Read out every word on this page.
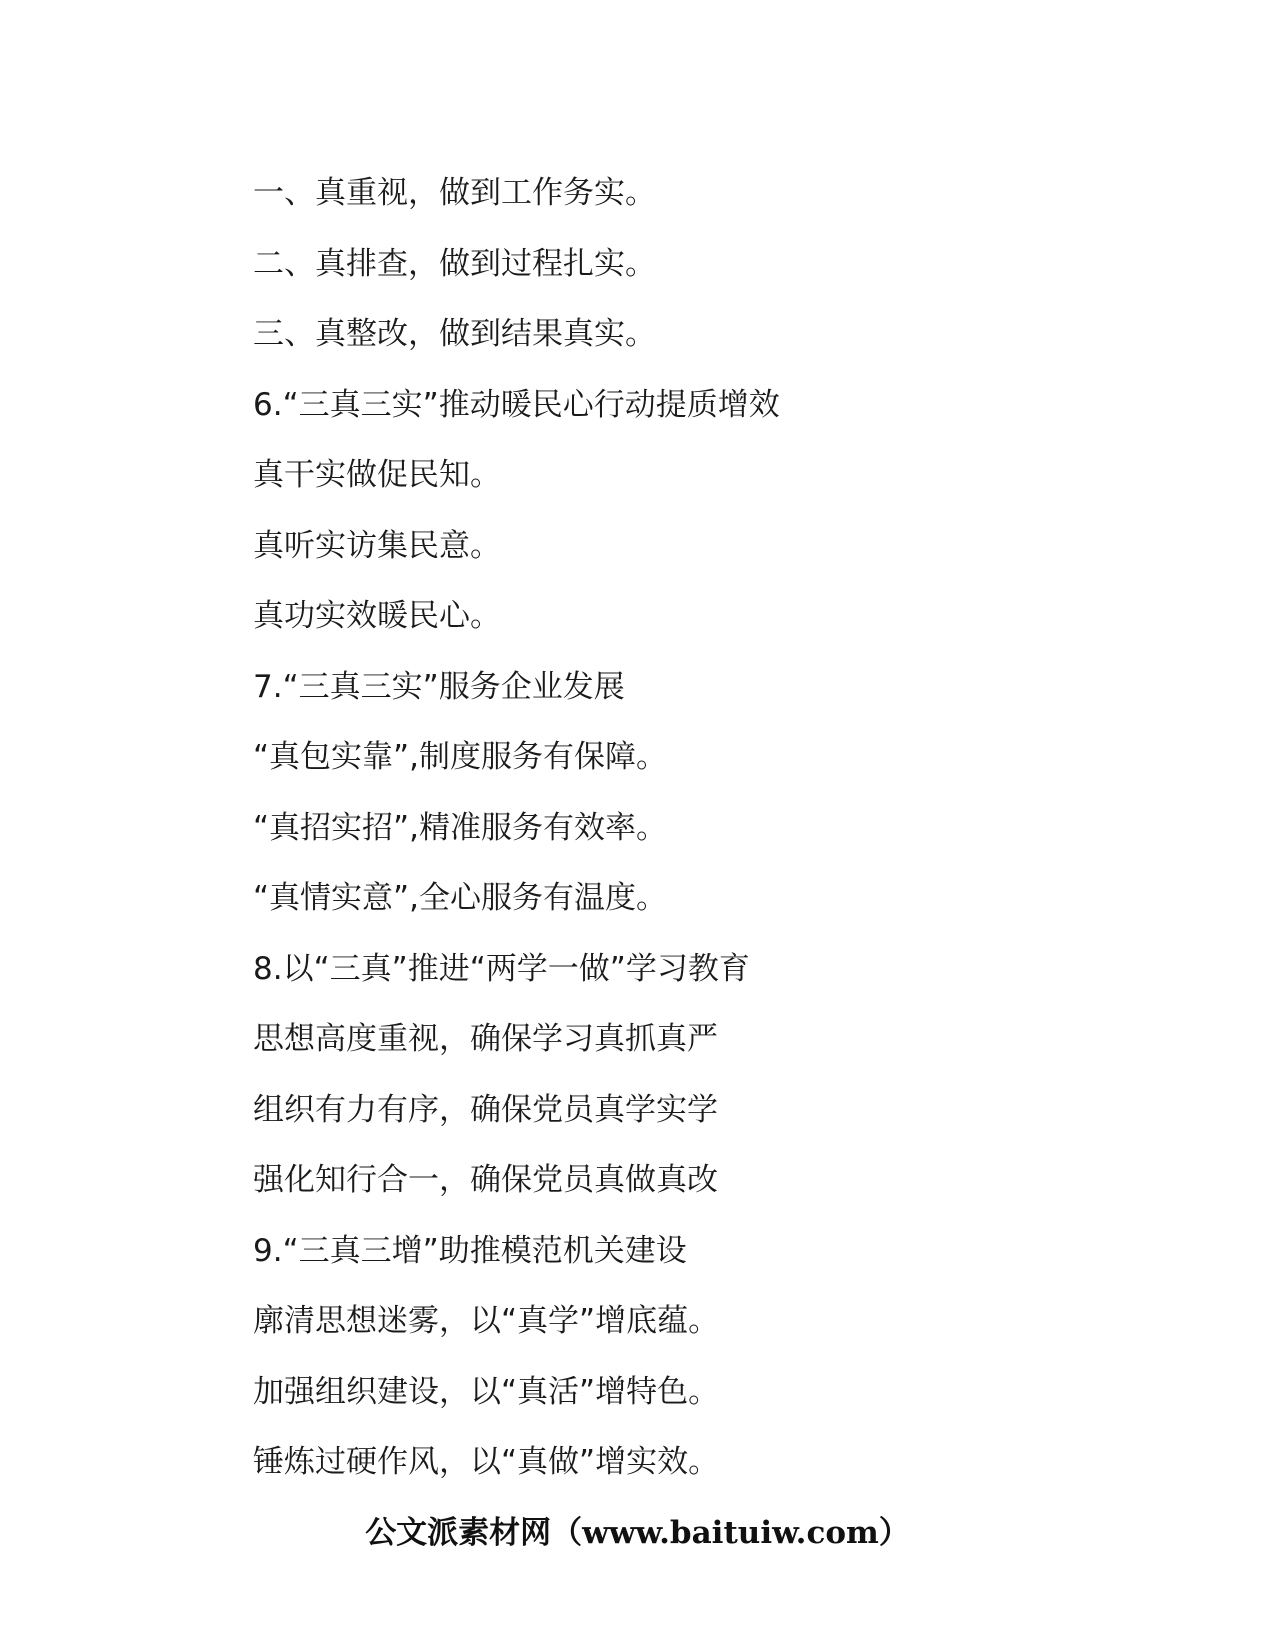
一、真重视，做到工作务实。
二、真排查，做到过程扎实。
三、真整改，做到结果真实。
6.“三真三实”推动暖民心行动提质增效
真干实做促民知。
真听实访集民意。
真功实效暖民心。
7.“三真三实”服务企业发展
“真包实靠”,制度服务有保障。
“真招实招”,精准服务有效率。
“真情实意”,全心服务有温度。
8.以“三真”推进“两学一做”学习教育
思想高度重视，确保学习真抓真严
组织有力有序，确保党员真学实学
强化知行合一，确保党员真做真改
9.“三真三增”助推模范机关建设
廓清思想迷雾，以“真学”增底蕴。
加强组织建设，以“真活”增特色。
锤炼过硬作风，以“真做”增实效。
公文派素材网（www.baituiw.com）
